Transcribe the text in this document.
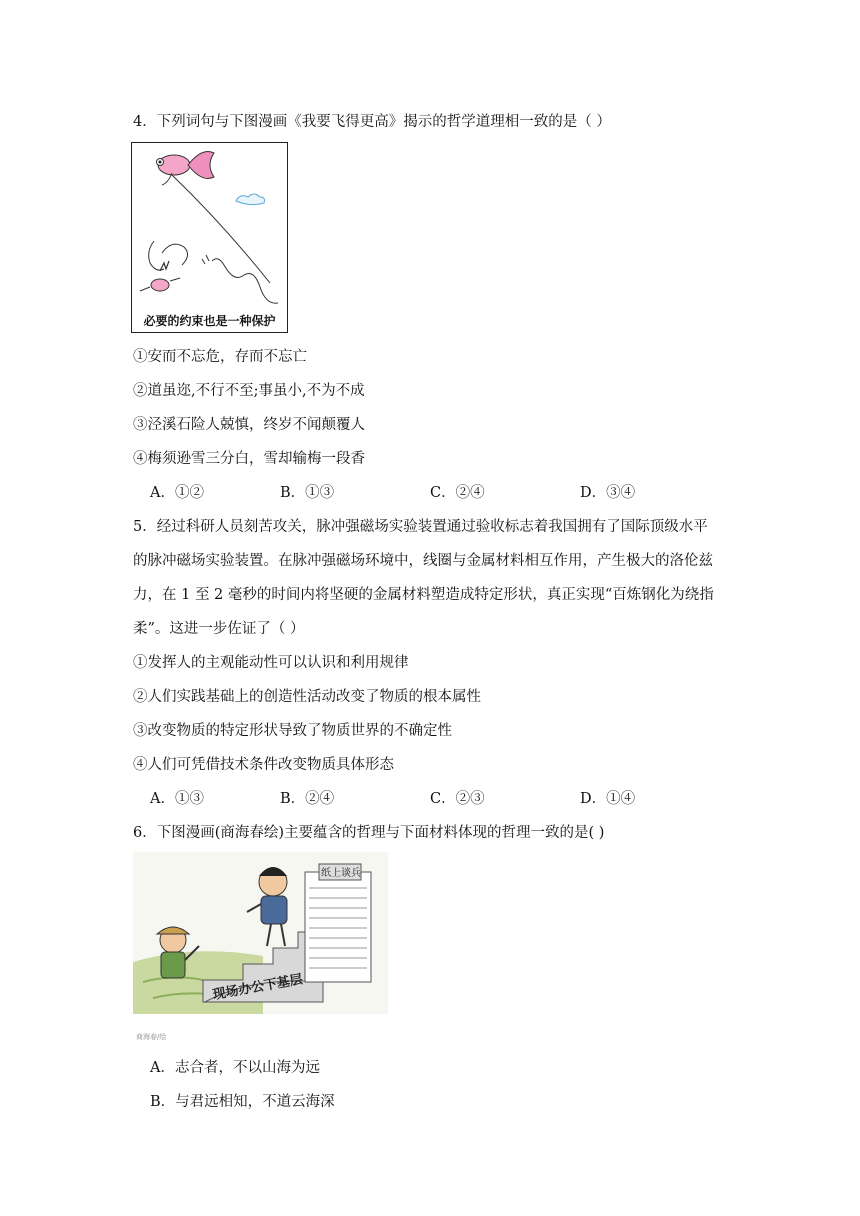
4．下列词句与下图漫画《我要飞得更高》揭示的哲学道理相一致的是（ ）
必要的约束也是一种保护
①安而不忘危，存而不忘亡
②道虽迩,不行不至;事虽小,不为不成
③泾溪石险人兢慎，终岁不闻颠覆人
④梅须逊雪三分白，雪却输梅一段香
A．①②	B．①③	C．②④	D．③④
5．经过科研人员刻苦攻关，脉冲强磁场实验装置通过验收标志着我国拥有了国际顶级水平
的脉冲磁场实验装置。在脉冲强磁场环境中，线圈与金属材料相互作用，产生极大的洛伦兹
力，在 1 至 2 毫秒的时间内将坚硬的金属材料塑造成特定形状，真正实现“百炼钢化为绕指
柔”。这进一步佐证了（ ）
①发挥人的主观能动性可以认识和利用规律
②人们实践基础上的创造性活动改变了物质的根本属性
③改变物质的特定形状导致了物质世界的不确定性
④人们可凭借技术条件改变物质具体形态
A．①③	B．②④	C．②③	D．①④
6．下图漫画(商海春绘)主要蕴含的哲理与下面材料体现的哲理一致的是( )
现场办公下基层
纸上谈兵
商海春/绘
A．志合者，不以山海为远
B．与君远相知，不道云海深
